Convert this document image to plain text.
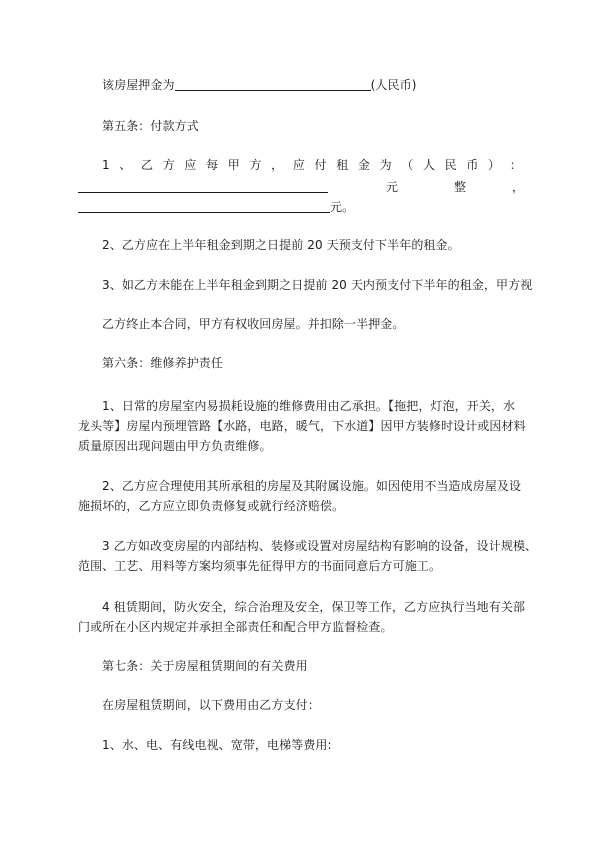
该房屋押金为	(人民币)
第五条：付款方式
1 、 乙 方 应 每 甲 方 ， 应 付 租 金 为 （ 人 民 币 ） ：
元	整	，
元。
2、乙方应在上半年租金到期之日提前 20 天预支付下半年的租金。
3、如乙方未能在上半年租金到期之日提前 20 天内预支付下半年的租金，甲方视
乙方终止本合同，甲方有权收回房屋。并扣除一半押金。
第六条：维修养护责任
1、日常的房屋室内易损耗设施的维修费用由乙承担。【拖把，灯泡，开关，水
龙头等】房屋内预埋管路【水路，电路，暖气，下水道】因甲方装修时设计或因材料
质量原因出现问题由甲方负责维修。
2、乙方应合理使用其所承租的房屋及其附属设施。如因使用不当造成房屋及设
施损坏的，乙方应立即负责修复或就行经济赔偿。
3 乙方如改变房屋的内部结构、装修或设置对房屋结构有影响的设备，设计规模、
范围、工艺、用料等方案均须事先征得甲方的书面同意后方可施工。
4 租赁期间，防火安全，综合治理及安全，保卫等工作，乙方应执行当地有关部
门或所在小区内规定并承担全部责任和配合甲方监督检查。
第七条：关于房屋租赁期间的有关费用
在房屋租赁期间，以下费用由乙方支付：
1、水、电、有线电视、宽带，电梯等费用:
